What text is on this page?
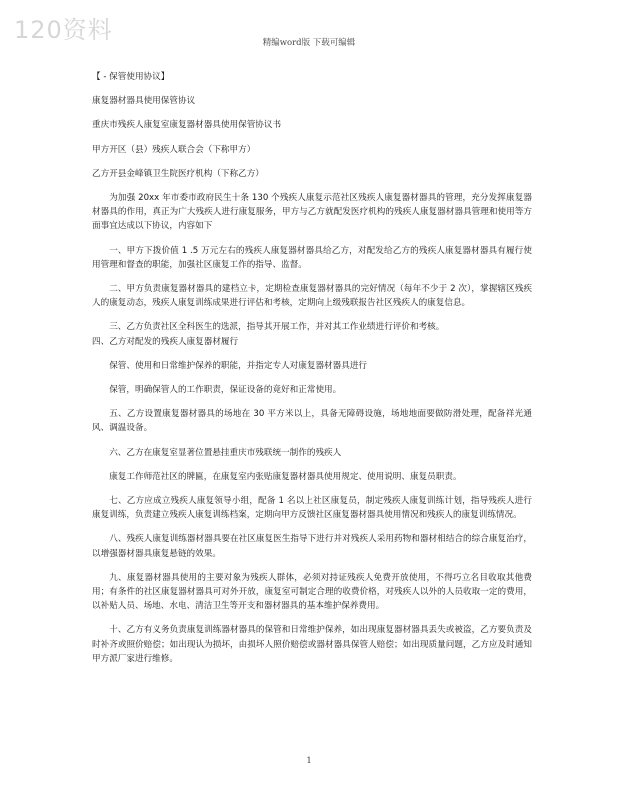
120资料	精编word版 下载可编辑

【 - 保管使用协议】

康复器材器具使用保管协议

重庆市残疾人康复室康复器材器具使用保管协议书

甲方开区（县）残疾人联合会（下称甲方）

乙方开县金峰镇卫生院医疗机构（下称乙方）

为加强 20xx 年市委市政府民生十条 130 个残疾人康复示范社区残疾人康复器材器具的管理，充分发挥康复器材器具的作用，真正为广大残疾人进行康复服务，甲方与乙方就配发医疗机构的残疾人康复器材器具管理和使用等方面事宜达成以下协议，内容如下

一、甲方下拨价值 1 .5 万元左右的残疾人康复器材器具给乙方，对配发给乙方的残疾人康复器材器具有履行使用管理和督查的职能，加强社区康复工作的指导、监督。

二、甲方负责康复器材器具的建档立卡，定期检查康复器材器具的完好情况（每年不少于 2 次），掌握辖区残疾人的康复动态，残疾人康复训练成果进行评估和考核，定期向上级残联报告社区残疾人的康复信息。

三、乙方负责社区全科医生的选派，指导其开展工作，并对其工作业绩进行评价和考核。

四、乙方对配发的残疾人康复器材履行

保管、使用和日常维护保养的职能，并指定专人对康复器材器具进行

保管，明确保管人的工作职责，保证设备的竟好和正常使用。

五、乙方设置康复器材器具的场地在 30 平方米以上，具备无障碍设施，场地地面要做防滑处理，配备祥光通风、调温设备。

六、乙方在康复室显著位置悬挂重庆市残联统一制作的残疾人

康复工作师范社区的牌匾，在康复室内张贴康复器材器具使用规定、使用说明、康复员职责。

七、乙方应成立残疾人康复领导小组，配备 1 名以上社区康复员，制定残疾人康复训练计划，指导残疾人进行康复训练，负责建立残疾人康复训练档案，定期向甲方反馈社区康复器材器具使用情况和残疾人的康复训练情况。

八、残疾人康复训练器材器具要在社区康复医生指导下进行并对残疾人采用药物和器材相结合的综合康复治疗，以增强器材器具康复悬链的效果。

九、康复器材器具使用的主要对象为残疾人群体，必须对持证残疾人免费开放使用，不得巧立名目收取其他费用；有条件的社区康复器材器具可对外开放，康复室可制定合理的收费价格，对残疾人以外的人员收取一定的费用，以补贴人员、场地、水电、清洁卫生等开支和器材器具的基本维护保养费用。

十、乙方有义务负责康复训练器材器具的保管和日常维护保养，如出现康复器材器具丢失或被盗，乙方要负责及时补齐或照价赔偿；如出现认为损坏，由损坏人照价赔偿或器材器具保管人赔偿；如出现质量问题，乙方应及时通知甲方派厂家进行维修。

1
